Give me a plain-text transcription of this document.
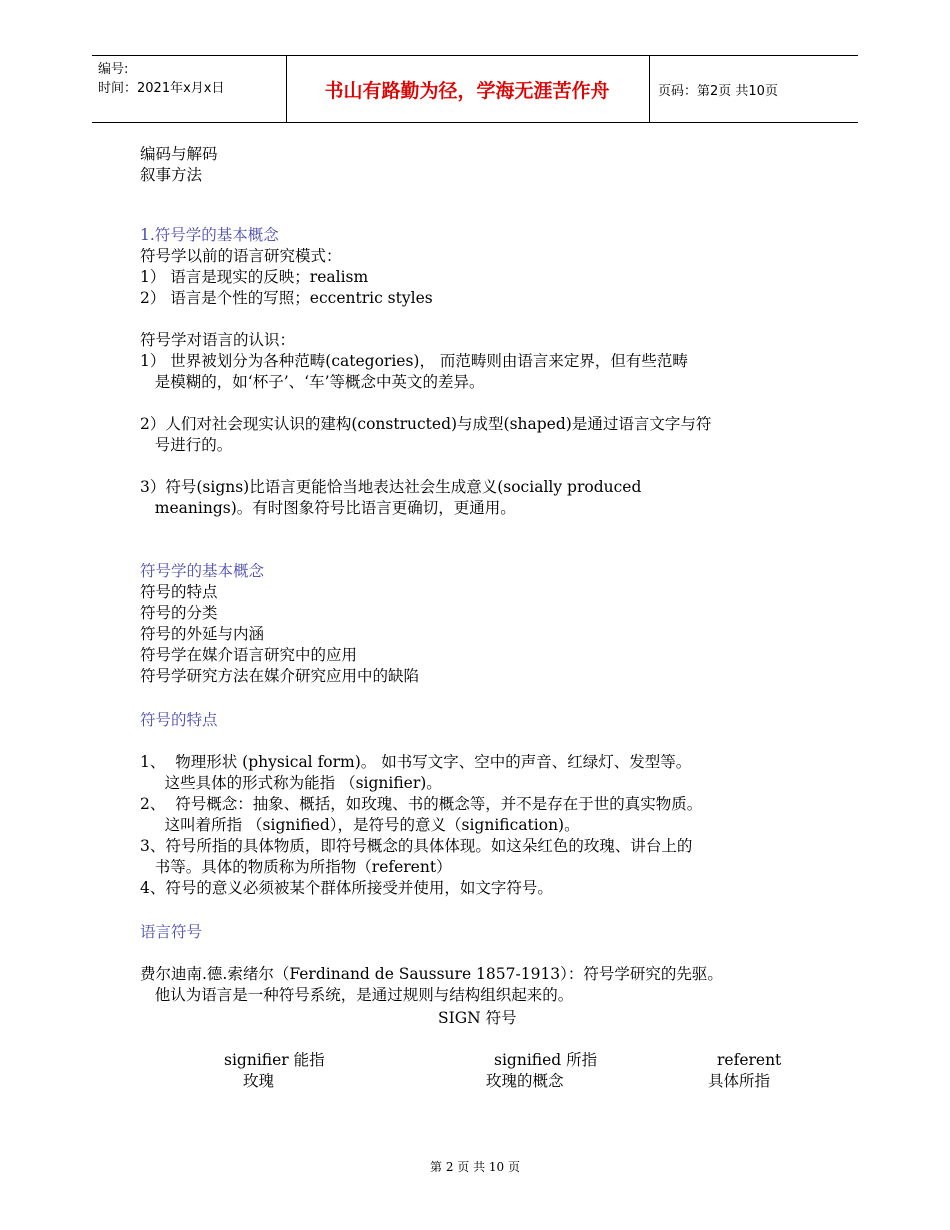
编号:
时间：2021年x月x日	书山有路勤为径，学海无涯苦作舟	页码：第2页 共10页
编码与解码
叙事方法
1.符号学的基本概念
符号学以前的语言研究模式：
1） 语言是现实的反映；realism
2） 语言是个性的写照；eccentric styles
符号学对语言的认识：
1） 世界被划分为各种范畴(categories)， 而范畴则由语言来定界，但有些范畴
是模糊的，如‘杯子’、‘车’等概念中英文的差异。
2）人们对社会现实认识的建构(constructed)与成型(shaped)是通过语言文字与符
号进行的。
3）符号(signs)比语言更能恰当地表达社会生成意义(socially produced
meanings)。有时图象符号比语言更确切，更通用。
符号学的基本概念
符号的特点
符号的分类
符号的外延与内涵
符号学在媒介语言研究中的应用
符号学研究方法在媒介研究应用中的缺陷
符号的特点
1、  物理形状 (physical form)。 如书写文字、空中的声音、红绿灯、发型等。
这些具体的形式称为能指 （signifier)。
2、  符号概念：抽象、概括，如玫瑰、书的概念等，并不是存在于世的真实物质。
这叫着所指 （signified），是符号的意义（signification)。
3、符号所指的具体物质，即符号概念的具体体现。如这朵红色的玫瑰、讲台上的
书等。具体的物质称为所指物（referent）
4、符号的意义必须被某个群体所接受并使用，如文字符号。
语言符号
费尔迪南.德.索绪尔（Ferdinand de Saussure 1857-1913）：符号学研究的先驱。
他认为语言是一种符号系统，是通过规则与结构组织起来的。
SIGN 符号
signifier 能指	signified 所指	referent
玫瑰	玫瑰的概念	具体所指
第 2 页 共 10 页
